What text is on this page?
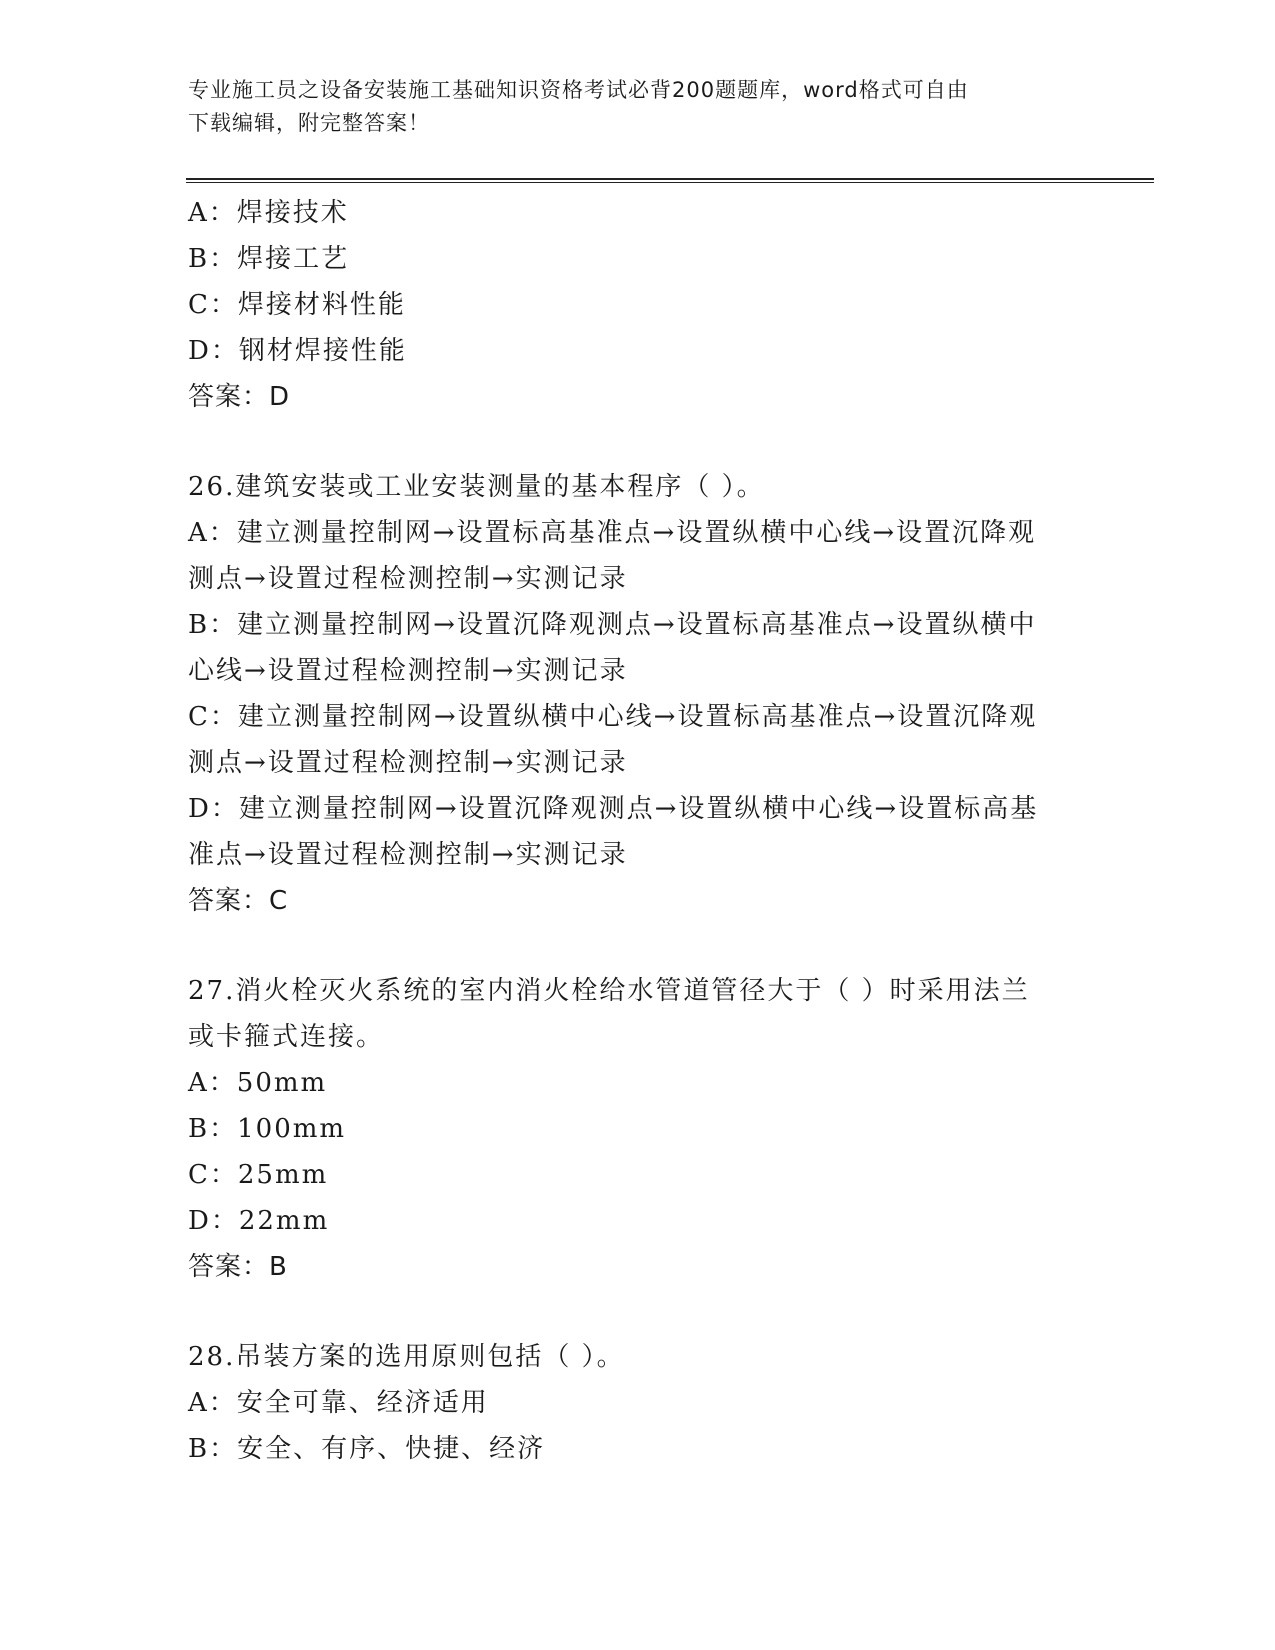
专业施工员之设备安装施工基础知识资格考试必背200题题库，word格式可自由
下载编辑，附完整答案！
A：焊接技术
B：焊接工艺
C：焊接材料性能
D：钢材焊接性能
答案：D
26.建筑安装或工业安装测量的基本程序（ ）。
A：建立测量控制网→设置标高基准点→设置纵横中心线→设置沉降观
测点→设置过程检测控制→实测记录
B：建立测量控制网→设置沉降观测点→设置标高基准点→设置纵横中
心线→设置过程检测控制→实测记录
C：建立测量控制网→设置纵横中心线→设置标高基准点→设置沉降观
测点→设置过程检测控制→实测记录
D：建立测量控制网→设置沉降观测点→设置纵横中心线→设置标高基
准点→设置过程检测控制→实测记录
答案：C
27.消火栓灭火系统的室内消火栓给水管道管径大于（ ）时采用法兰
或卡箍式连接。
A：50mm
B：100mm
C：25mm
D：22mm
答案：B
28.吊装方案的选用原则包括（ ）。
A：安全可靠、经济适用
B：安全、有序、快捷、经济
